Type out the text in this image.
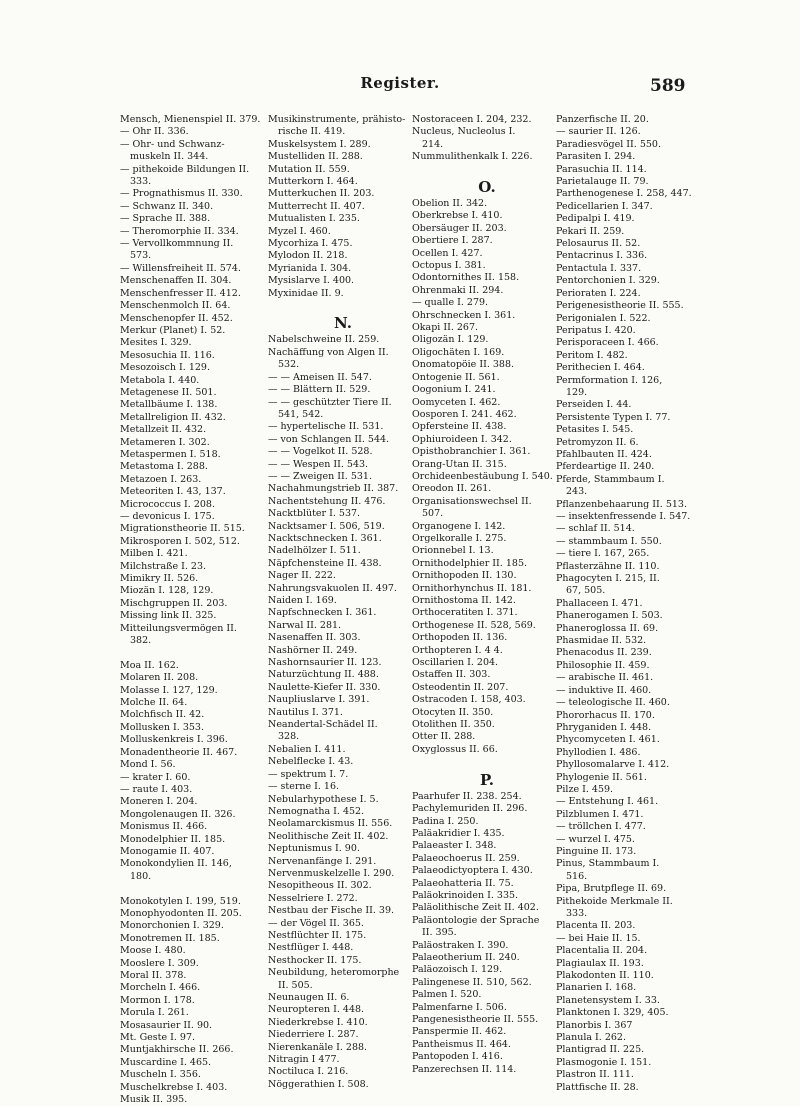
Register.	589
Mensch, Mienenspiel II. 379.
— Ohr II. 336.
— Ohr- und Schwanz-
muskeln II. 344.
— pithekoide Bildungen II.
333.
— Prognathismus II. 330.
— Schwanz II. 340.
— Sprache II. 388.
— Theromorphie II. 334.
— Vervollkommnung II.
573.
— Willensfreiheit II. 574.
Menschenaffen II. 304.
Menschenfresser II. 412.
Menschenmolch II. 64.
Menschenopfer II. 452.
Merkur (Planet) I. 52.
Mesites I. 329.
Mesosuchia II. 116.
Mesozoisch I. 129.
Metabola I. 440.
Metagenese II. 501.
Metallbäume I. 138.
Metallreligion II. 432.
Metallzeit II. 432.
Metameren I. 302.
Metaspermen I. 518.
Metastoma I. 288.
Metazoen I. 263.
Meteoriten I. 43, 137.
Micrococcus I. 208.
— devonicus I. 175.
Migrationstheorie II. 515.
Mikrosporen I. 502, 512.
Milben I. 421.
Milchstraße I. 23.
Mimikry II. 526.
Miozän I. 128, 129.
Mischgruppen II. 203.
Missing link II. 325.
Mitteilungsvermögen II.
382.
Moa II. 162.
Molaren II. 208.
Molasse I. 127, 129.
Molche II. 64.
Molchfisch II. 42.
Mollusken I. 353.
Molluskenkreis I. 396.
Monadentheorie II. 467.
Mond I. 56.
— krater I. 60.
— raute I. 403.
Moneren I. 204.
Mongolenaugen II. 326.
Monismus II. 466.
Monodelphier II. 185.
Monogamie II. 407.
Monokondylien II. 146,
180.
Monokotylen I. 199, 519.
Monophyodonten II. 205.
Monorchonien I. 329.
Monotremen II. 185.
Moose I. 480.
Mooslere I. 309.
Moral II. 378.
Morcheln I. 466.
Mormon I. 178.
Morula I. 261.
Mosasaurier II. 90.
Mt. Geste I. 97.
Muntjakhirsche II. 266.
Muscardine I. 465.
Muscheln I. 356.
Muschelkrebse I. 403.
Musik II. 395.
Musikinstrumente, prähisto-
rische II. 419.
Muskelsystem I. 289.
Mustelliden II. 288.
Mutation II. 559.
Mutterkorn I. 464.
Mutterkuchen II. 203.
Mutterrecht II. 407.
Mutualisten I. 235.
Myzel I. 460.
Mycorhiza I. 475.
Mylodon II. 218.
Myrianida I. 304.
Mysislarve I. 400.
Myxinidae II. 9.
N.
Nabelschweine II. 259.
Nachäffung von Algen II.
532.
— — Ameisen II. 547.
— — Blättern II. 529.
— — geschützter Tiere II.
541, 542.
— hypertelische II. 531.
— von Schlangen II. 544.
— — Vogelkot II. 528.
— — Wespen II. 543.
— — Zweigen II. 531.
Nachahmungstrieb II. 387.
Nachentstehung II. 476.
Nacktblüter I. 537.
Nacktsamer I. 506, 519.
Nacktschnecken I. 361.
Nadelhölzer I. 511.
Näpfchensteine II. 438.
Nager II. 222.
Nahrungsvakuolen II. 497.
Naiden I. 169.
Napfschnecken I. 361.
Narwal II. 281.
Nasenaffen II. 303.
Nashörner II. 249.
Nashornsaurier II. 123.
Naturzüchtung II. 488.
Naulette-Kiefer II. 330.
Naupliuslarve I. 391.
Nautilus I. 371.
Neandertal-Schädel II.
328.
Nebalien I. 411.
Nebelflecke I. 43.
— spektrum I. 7.
— sterne I. 16.
Nebularhypothese I. 5.
Nemognatha I. 452.
Neolamarckismus II. 556.
Neolithische Zeit II. 402.
Neptunismus I. 90.
Nervenanfänge I. 291.
Nervenmuskelzelle I. 290.
Nesopitheous II. 302.
Nesselriere I. 272.
Nestbau der Fische II. 39.
— der Vögel II. 365.
Nestflüchter II. 175.
Nestflüger I. 448.
Nesthocker II. 175.
Neubildung, heteromorphe
II. 505.
Neunaugen II. 6.
Neuropteren I. 448.
Niederkrebse I. 410.
Niederriere I. 287.
Nierenkanäle I. 288.
Nitragin I 477.
Noctiluca I. 216.
Nöggerathien I. 508.
Nostoraceen I. 204, 232.
Nucleus, Nucleolus I.
214.
Nummulithenkalk I. 226.
O.
Obelion II. 342.
Oberkrebse I. 410.
Obersäuger II. 203.
Obertiere I. 287.
Ocellen I. 427.
Octopus I. 381.
Odontornithes II. 158.
Ohrenmaki II. 294.
— qualle I. 279.
Ohrschnecken I. 361.
Okapi II. 267.
Oligozän I. 129.
Oligochäten I. 169.
Onomatopöie II. 388.
Ontogenie II. 561.
Oogonium I. 241.
Oomyceten I. 462.
Oosporen I. 241. 462.
Opfersteine II. 438.
Ophiuroideen I. 342.
Opisthobranchier I. 361.
Orang-Utan II. 315.
Orchideenbestäubung I. 540.
Oreodon II. 261.
Organisationswechsel II.
507.
Organogene I. 142.
Orgelkoralle I. 275.
Orionnebel I. 13.
Ornithodelphier II. 185.
Ornithopoden II. 130.
Ornithorhynchus II. 181.
Ornithostoma II. 142.
Orthoceratiten I. 371.
Orthogenese II. 528, 569.
Orthopoden II. 136.
Orthopteren I. 4 4.
Oscillarien I. 204.
Ostaffen II. 303.
Osteodentin II. 207.
Ostracoden I. 158, 403.
Otocyten II. 350.
Otolithen II. 350.
Otter II. 288.
Oxyglossus II. 66.
P.
Paarhufer II. 238. 254.
Pachylemuriden II. 296.
Padina I. 250.
Paläakridier I. 435.
Palaeaster I. 348.
Palaeochoerus II. 259.
Palaeodictyoptera I. 430.
Palaeohatteria II. 75.
Paläokrinoiden I. 335.
Paläolithische Zeit II. 402.
Paläontologie der Sprache
II. 395.
Paläostraken I. 390.
Palaeotherium II. 240.
Paläozoisch I. 129.
Palingenese II. 510, 562.
Palmen I. 520.
Palmenfarne I. 506.
Pangenesistheorie II. 555.
Panspermie II. 462.
Pantheismus II. 464.
Pantopoden I. 416.
Panzerechsen II. 114.
Panzerfische II. 20.
— saurier II. 126.
Paradiesvögel II. 550.
Parasiten I. 294.
Parasuchia II. 114.
Parietalauge II. 79.
Parthenogenese I. 258, 447.
Pedicellarien I. 347.
Pedipalpi I. 419.
Pekari II. 259.
Pelosaurus II. 52.
Pentacrinus I. 336.
Pentactula I. 337.
Pentorchonien I. 329.
Perioraten I. 224.
Perigenesistheorie II. 555.
Perigonialen I. 522.
Peripatus I. 420.
Perisporaceen I. 466.
Peritom I. 482.
Perithecien I. 464.
Permformation I. 126,
129.
Perseiden I. 44.
Persistente Typen I. 77.
Petasites I. 545.
Petromyzon II. 6.
Pfahlbauten II. 424.
Pferdeartige II. 240.
Pferde, Stammbaum I.
243.
Pflanzenbehaarung II. 513.
— insektenfressende I. 547.
— schlaf II. 514.
— stammbaum I. 550.
— tiere I. 167, 265.
Pflasterzähne II. 110.
Phagocyten I. 215, II.
67, 505.
Phallaceen I. 471.
Phanerogamen I. 503.
Phaneroglossa II. 69.
Phasmidae II. 532.
Phenacodus II. 239.
Philosophie II. 459.
— arabische II. 461.
— induktive II. 460.
— teleologische II. 460.
Phororhacus II. 170.
Phryganiden I. 448.
Phycomyceten I. 461.
Phyllodien I. 486.
Phyllosomalarve I. 412.
Phylogenie II. 561.
Pilze I. 459.
— Entstehung I. 461.
Pilzblumen I. 471.
— tröllchen I. 477.
— wurzel I. 475.
Pinguine II. 173.
Pinus, Stammbaum I.
516.
Pipa, Brutpflege II. 69.
Pithekoide Merkmale II.
333.
Placenta II. 203.
— bei Haie II. 15.
Placentalia II. 204.
Plagiaulax II. 193.
Plakodonten II. 110.
Planarien I. 168.
Planetensystem I. 33.
Planktonen I. 329, 405.
Planorbis I. 367
Planula I. 262.
Plantigrad II. 225.
Plasmogonie I. 151.
Plastron II. 111.
Plattfische II. 28.
